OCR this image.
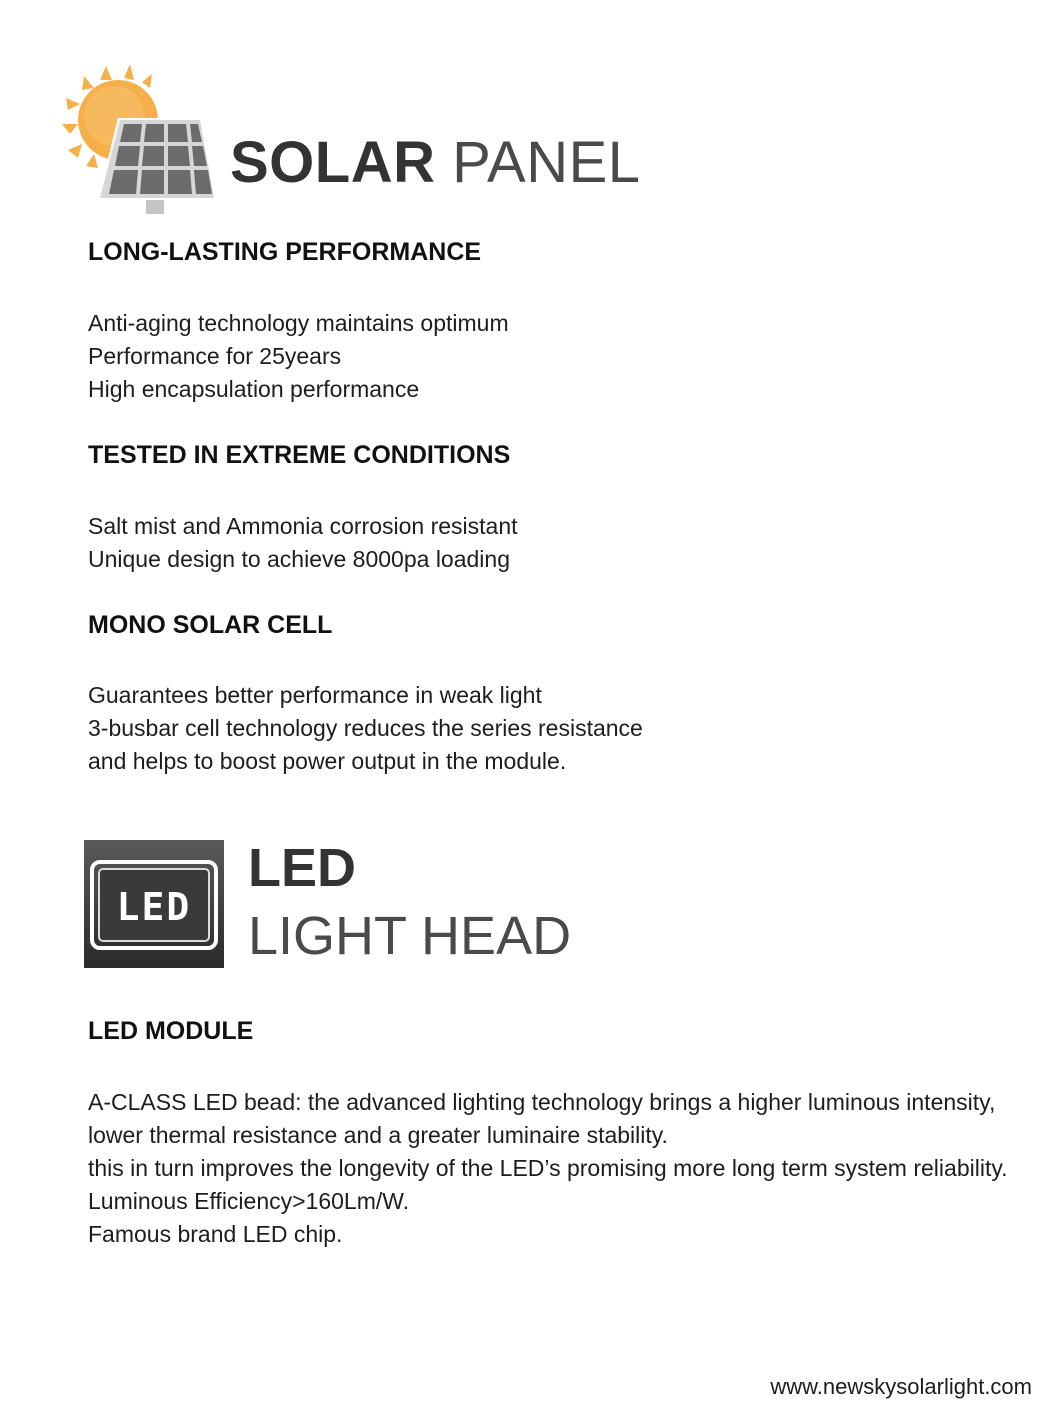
SOLAR PANEL
LONG-LASTING PERFORMANCE
Anti-aging technology maintains optimum
Performance for 25years
High encapsulation performance
TESTED IN EXTREME CONDITIONS
Salt mist and Ammonia corrosion resistant
Unique design to achieve 8000pa loading
MONO SOLAR CELL
Guarantees better performance in weak light
3-busbar cell technology reduces the series resistance
and helps to boost power output in the module.
LED
LED
LIGHT HEAD
LED MODULE
A-CLASS LED bead: the advanced lighting technology brings a higher luminous intensity,
lower thermal resistance and a greater luminaire stability.
this in turn improves the longevity of the LED’s promising more long term system reliability.
Luminous Efficiency>160Lm/W.
Famous brand LED chip.
www.newskysolarlight.com
